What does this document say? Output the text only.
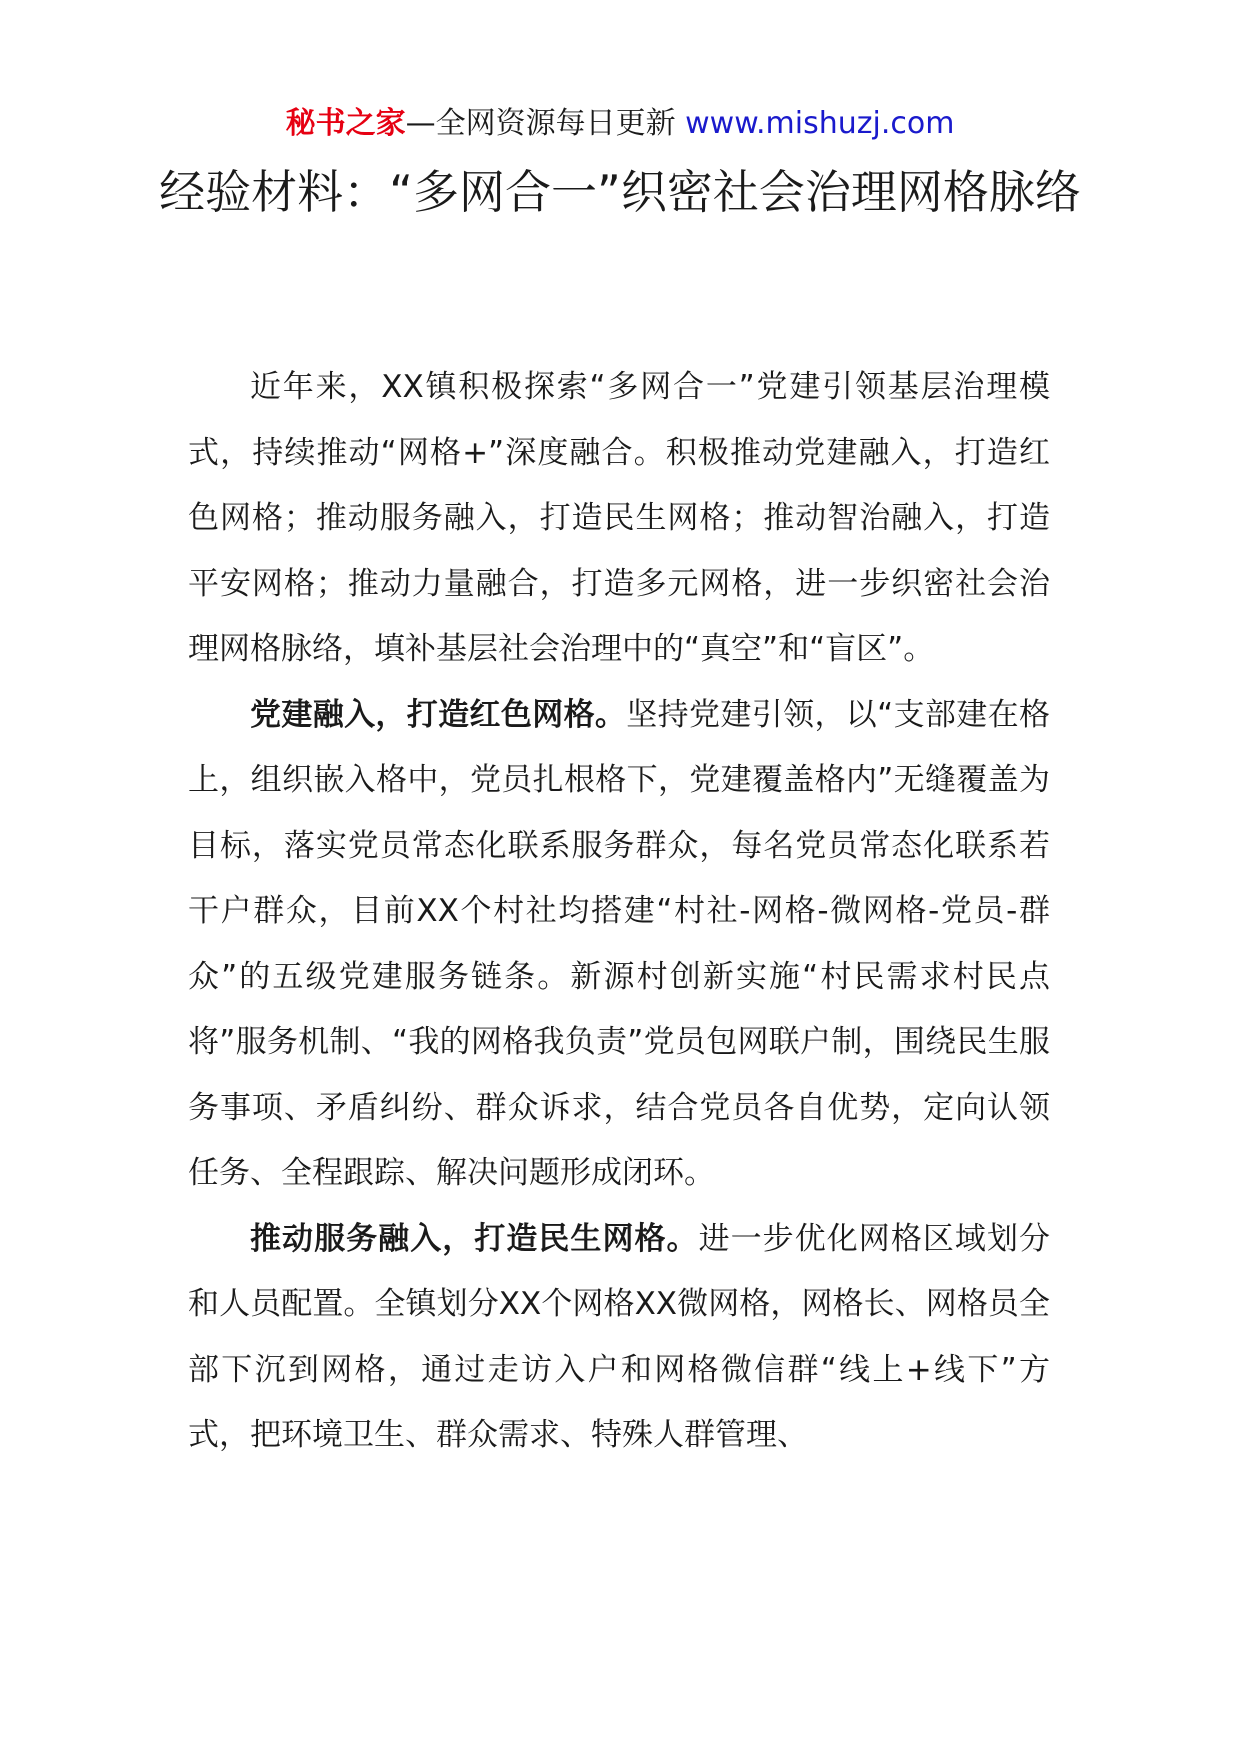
秘书之家—全网资源每日更新 www.mishuzj.com
经验材料：“多网合一”织密社会治理网格脉络

近年来，XX镇积极探索“多网合一”党建引领基层治理模式，持续推动“网格+”深度融合。积极推动党建融入，打造红色网格；推动服务融入，打造民生网格；推动智治融入，打造平安网格；推动力量融合，打造多元网格，进一步织密社会治理网格脉络，填补基层社会治理中的“真空”和“盲区”。

党建融入，打造红色网格。坚持党建引领，以“支部建在格上，组织嵌入格中，党员扎根格下，党建覆盖格内”无缝覆盖为目标，落实党员常态化联系服务群众，每名党员常态化联系若干户群众，目前XX个村社均搭建“村社-网格-微网格-党员-群众”的五级党建服务链条。新源村创新实施“村民需求村民点将”服务机制、“我的网格我负责”党员包网联户制，围绕民生服务事项、矛盾纠纷、群众诉求，结合党员各自优势，定向认领任务、全程跟踪、解决问题形成闭环。

推动服务融入，打造民生网格。进一步优化网格区域划分和人员配置。全镇划分XX个网格XX微网格，网格长、网格员全部下沉到网格，通过走访入户和网格微信群“线上+线下”方式，把环境卫生、群众需求、特殊人群管理、
